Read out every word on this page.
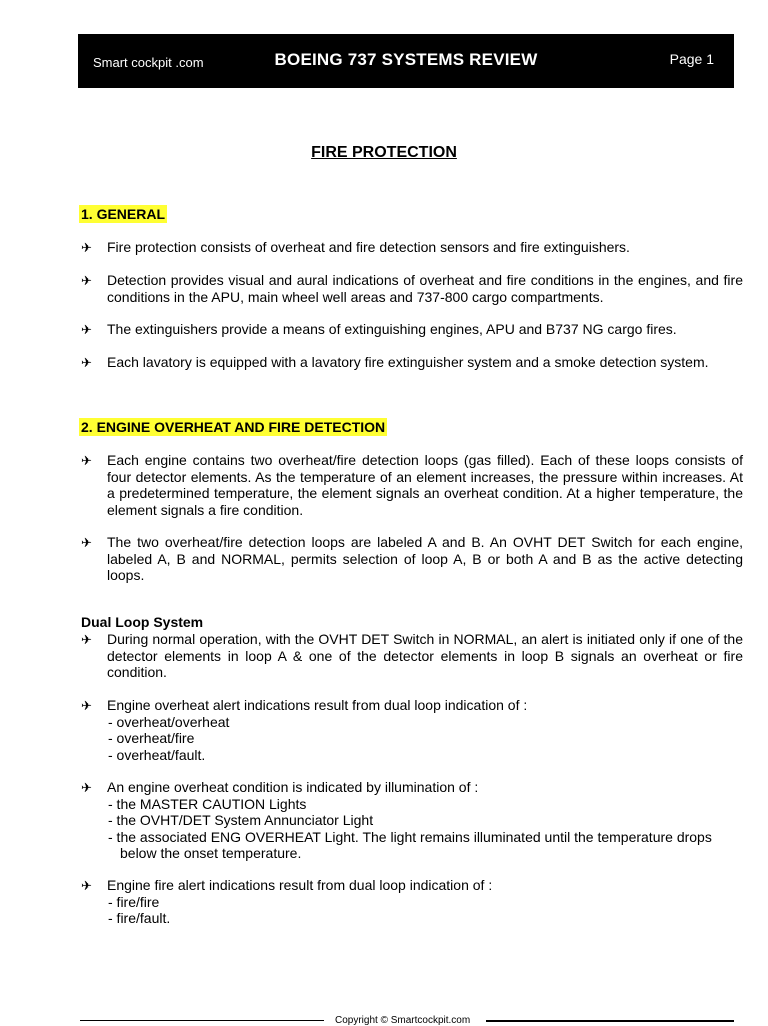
Smart cockpit .com	BOEING 737 SYSTEMS REVIEW	Page 1
FIRE PROTECTION
1. GENERAL
✈ Fire protection consists of overheat and fire detection sensors and fire extinguishers.
✈ Detection provides visual and aural indications of overheat and fire conditions in the engines, and fire conditions in the APU, main wheel well areas and 737-800 cargo compartments.
✈ The extinguishers provide a means of extinguishing engines, APU and B737 NG cargo fires.
✈ Each lavatory is equipped with a lavatory fire extinguisher system and a smoke detection system.
2. ENGINE OVERHEAT AND FIRE DETECTION
✈ Each engine contains two overheat/fire detection loops (gas filled). Each of these loops consists of four detector elements. As the temperature of an element increases, the pressure within increases. At a predetermined temperature, the element signals an overheat condition. At a higher temperature, the element signals a fire condition.
✈ The two overheat/fire detection loops are labeled A and B. An OVHT DET Switch for each engine, labeled A, B and NORMAL, permits selection of loop A, B or both A and B as the active detecting loops.
Dual Loop System
✈ During normal operation, with the OVHT DET Switch in NORMAL, an alert is initiated only if one of the detector elements in loop A & one of the detector elements in loop B signals an overheat or fire condition.
✈ Engine overheat alert indications result from dual loop indication of :
- overheat/overheat
- overheat/fire
- overheat/fault.
✈ An engine overheat condition is indicated by illumination of :
- the MASTER CAUTION Lights
- the OVHT/DET System Annunciator Light
- the associated ENG OVERHEAT Light. The light remains illuminated until the temperature drops
below the onset temperature.
✈ Engine fire alert indications result from dual loop indication of :
- fire/fire
- fire/fault.
Copyright © Smartcockpit.com
